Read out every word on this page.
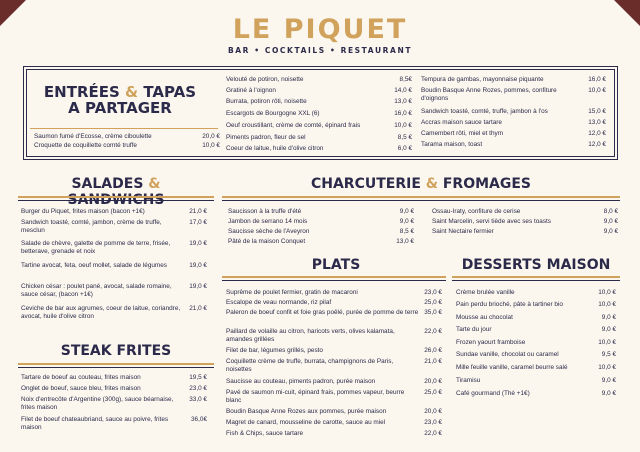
LE PIQUET
BAR • COCKTAILS • RESTAURANT
ENTRÉES & TAPAS
A PARTAGER
Saumon fumé d'Ecosse, crème ciboulette	20,0 €
Croquette de coquillette comté truffe	10,0 €
Velouté de potiron, noisette	8,5€
Gratiné à l'oignon	14,0 €
Burrata, potiron rôti, noisette	13,0 €
Escargots de Bourgogne XXL (6)	16,0 €
Oeuf croustillant, crème de comté, épinard frais	10,0 €
Piments padron, fleur de sel	8,5 €
Coeur de laitue, huile d'olive citron	6,0 €
Tempura de gambas, mayonnaise piquante	16,0 €
Boudin Basque Anne Rozes, pommes, confiture d'oignons
10,0 €
Sandwich toasté, comté, truffe, jambon à l'os	15,0 €
Accras maison sauce tartare	13,0 €
Camembert rôti, miel et thym	12,0 €
Tarama maison, toast	12,0 €
SALADES & SANDWICHS
Burger du Piquet, frites maison (bacon +1€)	21,0 €
Sandwich toasté, comté, jambon, crème de truffe, mesclun
17,0 €
Salade de chèvre, galette de pomme de terre, frisée, betterave, grenade et noix
19,0 €
Tartine avocat, feta, oeuf mollet, salade de légumes	19,0 €
Chicken césar : poulet pané, avocat, salade romaine, sauce césar, (bacon +1€)
19,0 €
Ceviche de bar aux agrumes, coeur de laitue, coriandre, avocat, huile d'olive citron
21,0 €
STEAK FRITES
Tartare de boeuf au couteau, frites maison	19,5 €
Onglet de boeuf, sauce bleu, frites maison	23,0 €
Noix d'entrecôte d'Argentine (300g), sauce béarnaise, frites maison
33,0 €
Filet de boeuf chateaubriand, sauce au poivre, frites maison
36,0€
CHARCUTERIE & FROMAGES
Saucisson à la truffe d'été	9,0 €
Jambon de serrano 14 mois	9,0 €
Saucisse sèche de l'Aveyron	8,5 €
Pâté de la maison Conquet	13,0 €
Ossau-Iraty, confiture de cerise	8,0 €
Saint Marcelin, servi tiède avec ses toasts	9,0 €
Saint Nectaire fermier	9,0 €
PLATS
Suprême de poulet fermier, gratin de macaroni	23,0 €
Escalope de veau normande, riz pilaf	25,0 €
Paleron de boeuf confit et foie gras poêlé, purée de pomme de terre 35,0 €
Paillard de volaille au citron, haricots verts, olives kalamata, amandes grillées
22,0 €
Filet de bar, légumes grillés, pesto	26,0 €
Coquillette crème de truffe, burrata, champignons de Paris, noisettes
21,0 €
Saucisse au couteau, piments padron, purée maison	20,0 €
Pavé de saumon mi-cuit, épinard frais, pommes vapeur, beurre blanc
25,0 €
Boudin Basque Anne Rozes aux pommes, purée maison	20,0 €
Magret de canard, mousseline de carotte, sauce au miel	23,0 €
Fish & Chips, sauce tartare	22,0 €
DESSERTS MAISON
Crème brulée vanille	10,0 €
Pain perdu brioché, pâte à tartiner bio	10,0 €
Mousse au chocolat	9,0 €
Tarte du jour	9,0 €
Frozen yaourt framboise	10,0 €
Sundae vanille, chocolat ou caramel	9,5 €
Mille feuille vanille, caramel beurre salé	10,0 €
Tiramisu	9,0 €
Café gourmand (Thé +1€)	9,0 €
